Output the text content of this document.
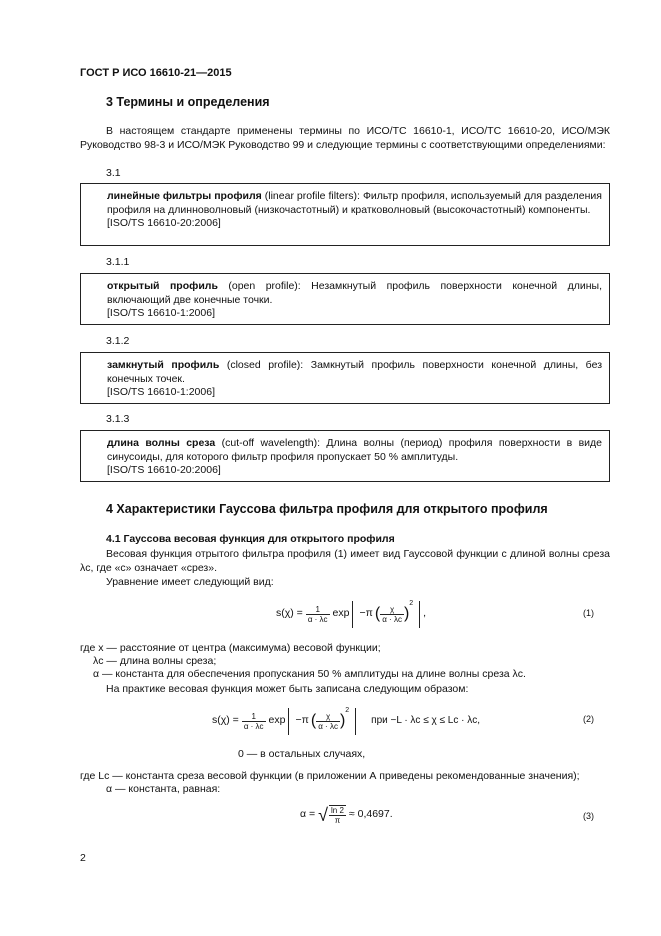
ГОСТ Р ИСО 16610-21—2015
3 Термины и определения
В настоящем стандарте применены термины по ИСО/ТС 16610-1, ИСО/ТС 16610-20, ИСО/МЭК Руководство 98-3 и ИСО/МЭК Руководство 99 и следующие термины с соответствующими определениями:
3.1
линейные фильтры профиля (linear profile filters): Фильтр профиля, используемый для разделения профиля на длинноволновый (низкочастотный) и кратковолновый (высокочастотный) компоненты.
[ISO/TS 16610-20:2006]
3.1.1
открытый профиль (open profile): Незамкнутый профиль поверхности конечной длины, включающий две конечные точки.
[ISO/TS 16610-1:2006]
3.1.2
замкнутый профиль (closed profile): Замкнутый профиль поверхности конечной длины, без конечных точек.
[ISO/TS 16610-1:2006]
3.1.3
длина волны среза (cut-off wavelength): Длина волны (период) профиля поверхности в виде синусоиды, для которого фильтр профиля пропускает 50 % амплитуды.
[ISO/TS 16610-20:2006]
4 Характеристики Гауссова фильтра профиля для открытого профиля
4.1 Гауссова весовая функция для открытого профиля
Весовая функция отрытого фильтра профиля (1) имеет вид Гауссовой функции с длиной волны среза λc, где «с» означает «срез».
Уравнение имеет следующий вид:
$s(\chi) = \frac{1}{\alpha \cdot \lambda c}$ exp −π ( $\frac{\chi}{\alpha \cdot \lambda c}$ )
2
,	(1)
где x — расстояние от центра (максимума) весовой функции;
λc — длина волны среза;
α — константа для обеспечения пропускания 50 % амплитуды на длине волны среза λc.
На практике весовая функция может быть записана следующим образом:
$s(\chi) = \frac{1}{\alpha \cdot \lambda c}$ exp −π ( $\frac{\chi}{\alpha \cdot \lambda c}$ )
2
при −L · λc ≤ χ ≤ Lc · λc,	(2)
0 — в остальных случаях,
где Lc — константа среза весовой функции (в приложении А приведены рекомендованные значения);
α — константа, равная:
α = √ $\frac{\ln 2}{\pi} \approx 0,4697$.	(3)
2
